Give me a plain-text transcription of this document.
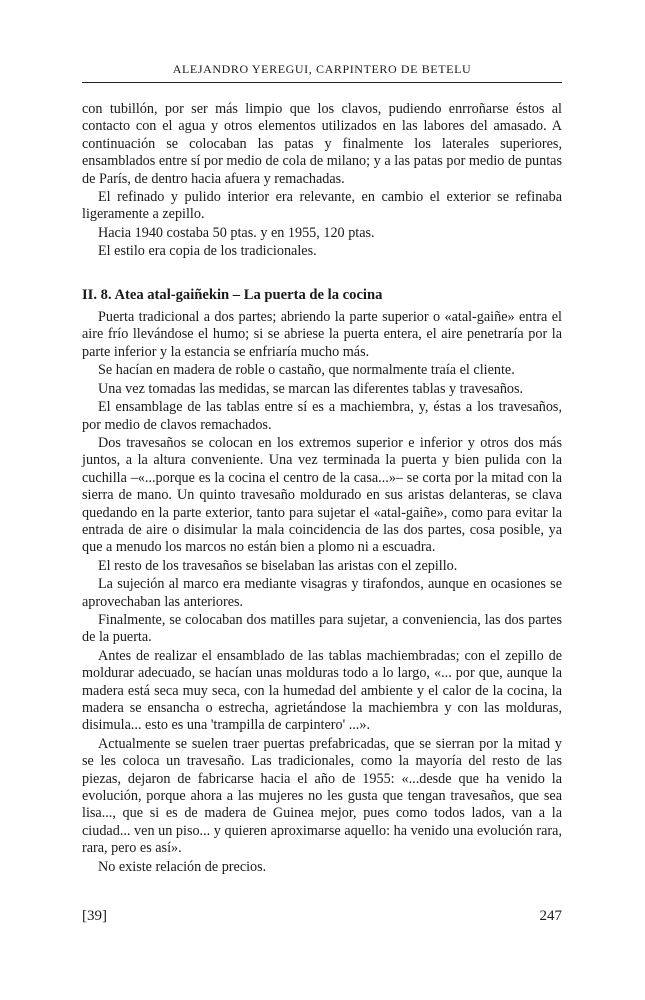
ALEJANDRO YEREGUI, CARPINTERO DE BETELU

con tubillón, por ser más limpio que los clavos, pudiendo enrroñarse éstos al contacto con el agua y otros elementos utilizados en las labores del amasado. A continuación se colocaban las patas y finalmente los laterales superiores, ensamblados entre sí por medio de cola de milano; y a las patas por medio de puntas de París, de dentro hacia afuera y remachadas.

El refinado y pulido interior era relevante, en cambio el exterior se refinaba ligeramente a zepillo.

Hacia 1940 costaba 50 ptas. y en 1955, 120 ptas.

El estilo era copia de los tradicionales.

II. 8. Atea atal-gaiñekin – La puerta de la cocina

Puerta tradicional a dos partes; abriendo la parte superior o «atal-gaiñe» entra el aire frío llevándose el humo; si se abriese la puerta entera, el aire penetraría por la parte inferior y la estancia se enfriaría mucho más.

Se hacían en madera de roble o castaño, que normalmente traía el cliente.

Una vez tomadas las medidas, se marcan las diferentes tablas y travesaños.

El ensamblage de las tablas entre sí es a machiembra, y, éstas a los travesaños, por medio de clavos remachados.

Dos travesaños se colocan en los extremos superior e inferior y otros dos más juntos, a la altura conveniente. Una vez terminada la puerta y bien pulida con la cuchilla –«...porque es la cocina el centro de la casa...»– se corta por la mitad con la sierra de mano. Un quinto travesaño moldurado en sus aristas delanteras, se clava quedando en la parte exterior, tanto para sujetar el «atal-gaiñe», como para evitar la entrada de aire o disimular la mala coincidencia de las dos partes, cosa posible, ya que a menudo los marcos no están bien a plomo ni a escuadra.

El resto de los travesaños se biselaban las aristas con el zepillo.

La sujeción al marco era mediante visagras y tirafondos, aunque en ocasiones se aprovechaban las anteriores.

Finalmente, se colocaban dos matilles para sujetar, a conveniencia, las dos partes de la puerta.

Antes de realizar el ensamblado de las tablas machiembradas; con el zepillo de moldurar adecuado, se hacían unas molduras todo a lo largo, «... por que, aunque la madera está seca muy seca, con la humedad del ambiente y el calor de la cocina, la madera se ensancha o estrecha, agrietándose la machiembra y con las molduras, disimula... esto es una 'trampilla de carpintero' ...».

Actualmente se suelen traer puertas prefabricadas, que se sierran por la mitad y se les coloca un travesaño. Las tradicionales, como la mayoría del resto de las piezas, dejaron de fabricarse hacia el año de 1955: «...desde que ha venido la evolución, porque ahora a las mujeres no les gusta que tengan travesaños, que sea lisa..., que si es de madera de Guinea mejor, pues como todos lados, van a la ciudad... ven un piso... y quieren aproximarse aquello: ha venido una evolución rara, rara, pero es así».

No existe relación de precios.

[39]	247
